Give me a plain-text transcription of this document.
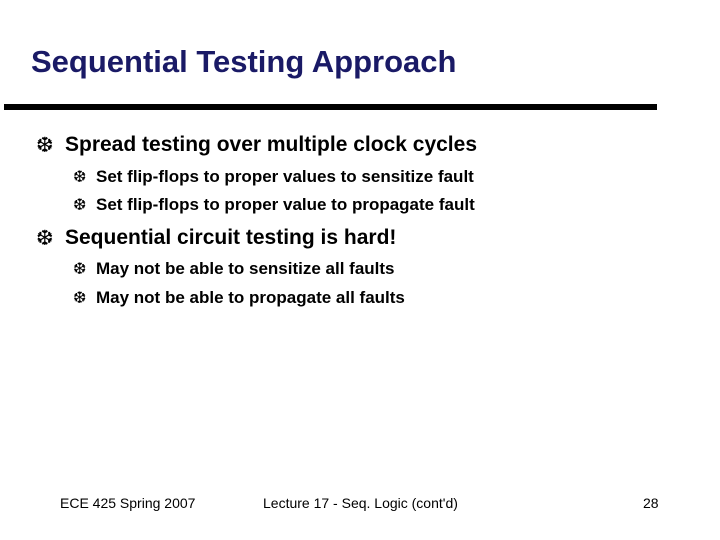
Sequential Testing Approach
❆ Spread testing over multiple clock cycles
❆ Set flip-flops to proper values to sensitize fault
❆ Set flip-flops to proper value to propagate fault
❆ Sequential circuit testing is hard!
❆ May not be able to sensitize all faults
❆ May not be able to propagate all faults
ECE 425 Spring 2007	Lecture 17 - Seq. Logic (cont'd)	28
